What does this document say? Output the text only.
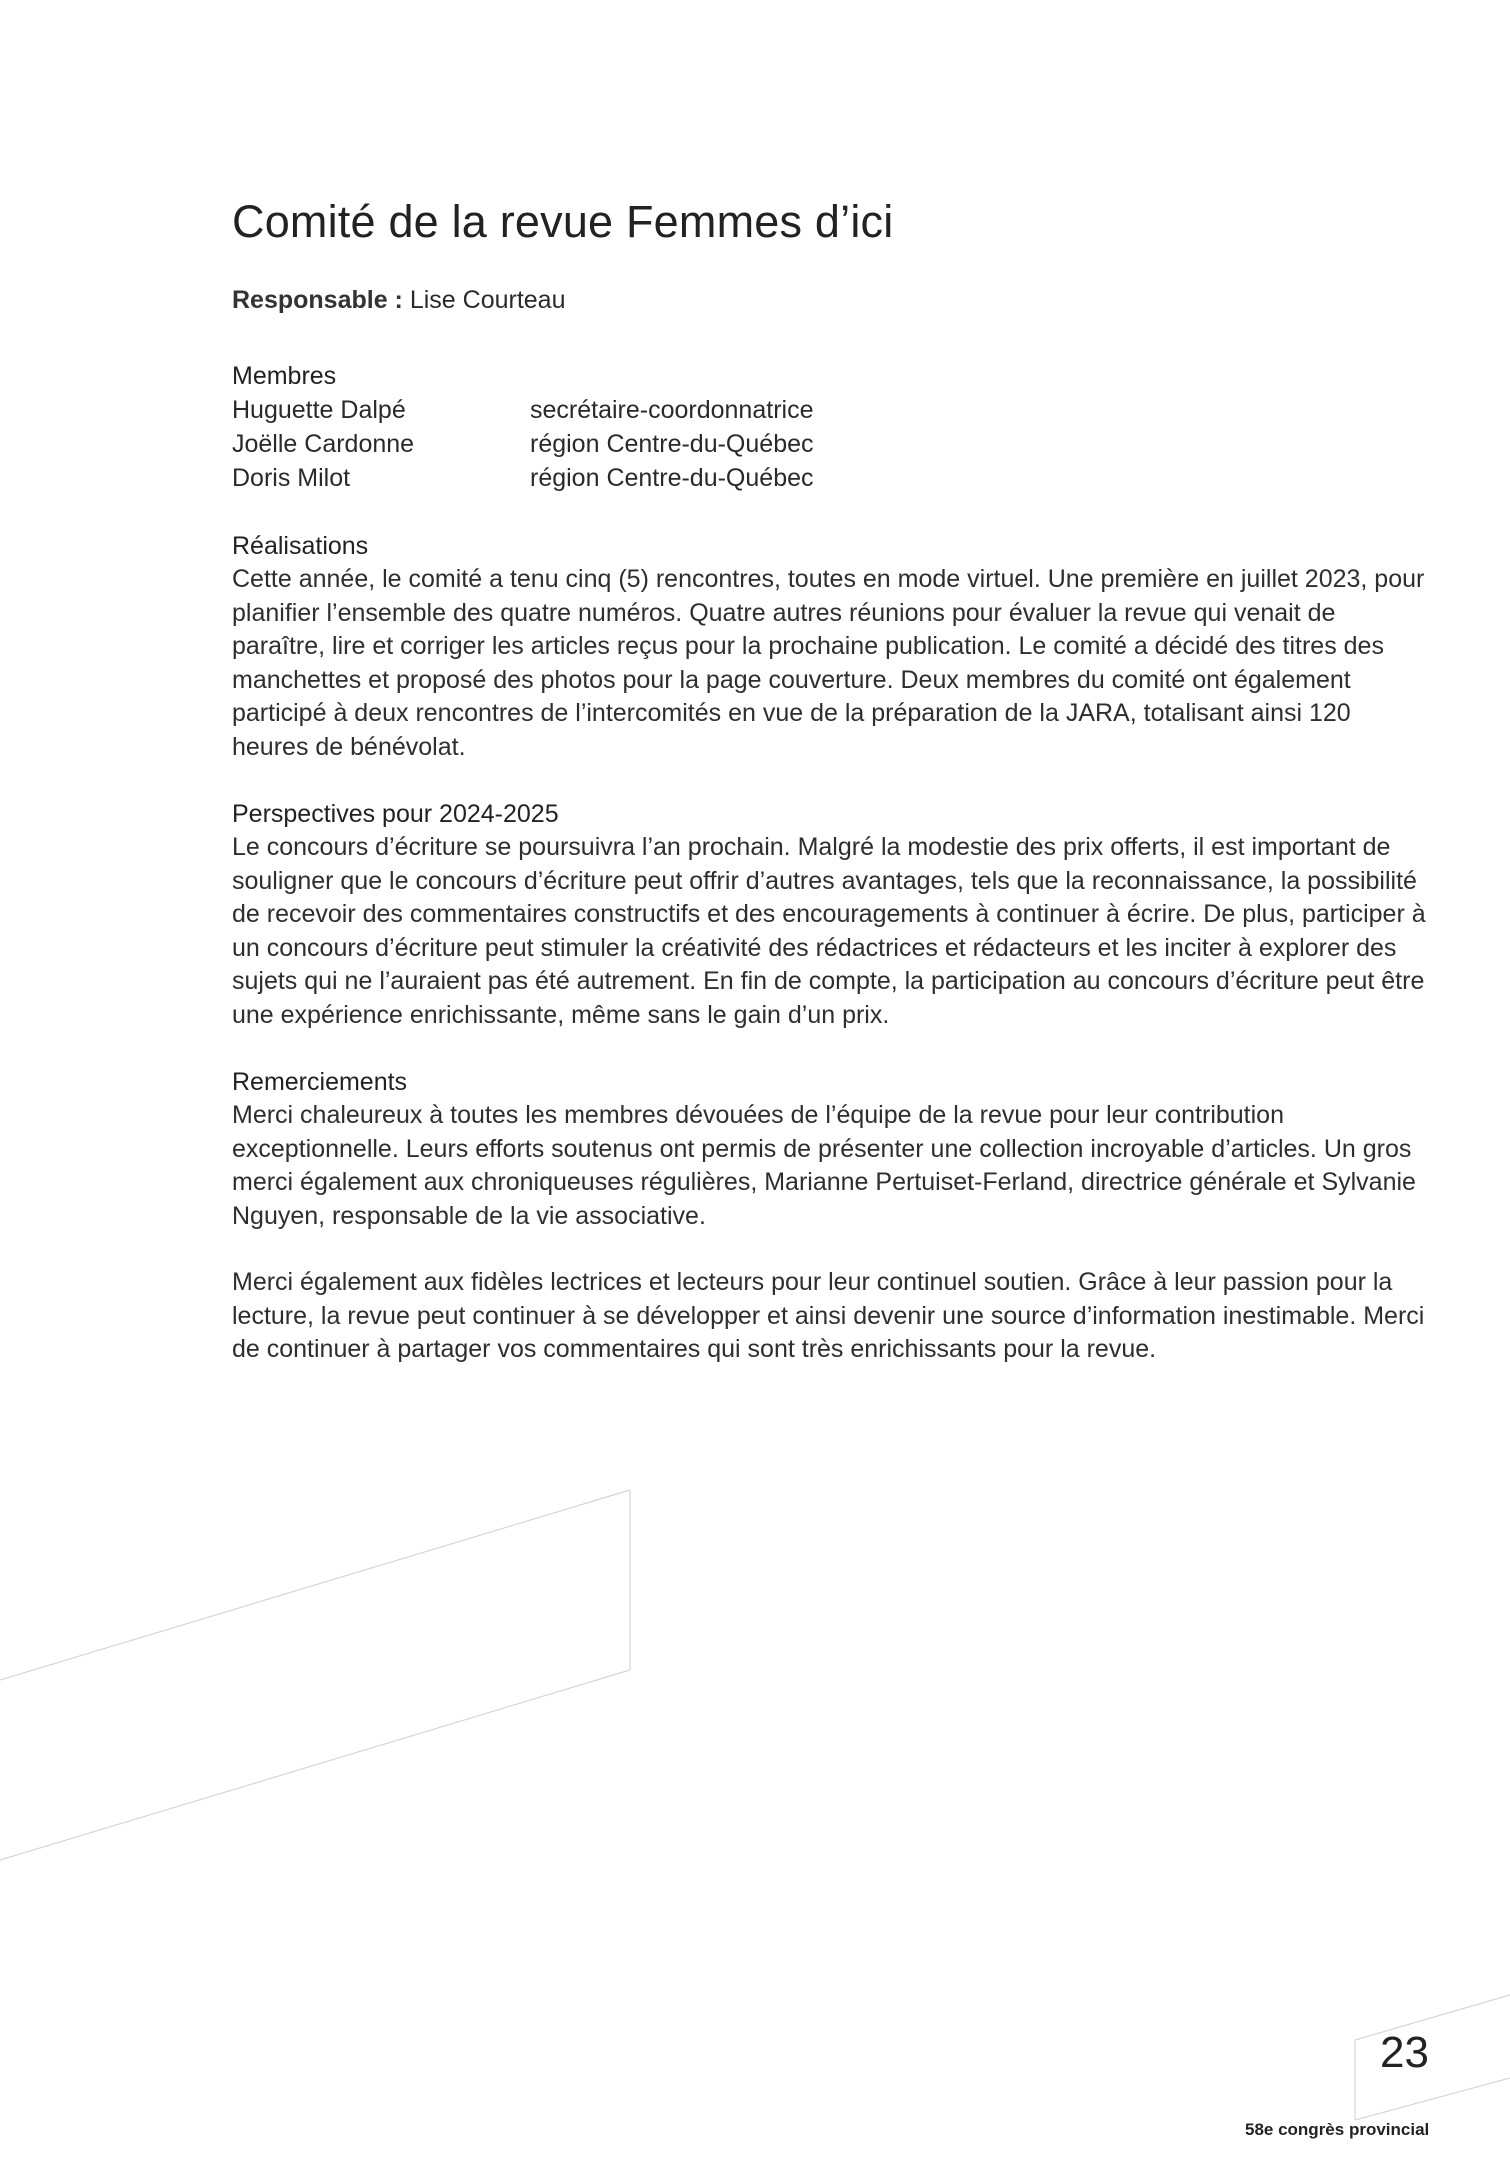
Comité de la revue Femmes d’ici
Responsable : Lise Courteau
Membres
Huguette Dalpé	secrétaire-coordonnatrice
Joëlle Cardonne	région Centre-du-Québec
Doris Milot	région Centre-du-Québec
Réalisations

Cette année, le comité a tenu cinq (5) rencontres, toutes en mode virtuel. Une première en juillet 2023, pour planifier l’ensemble des quatre numéros. Quatre autres réunions pour évaluer la revue qui venait de paraître, lire et corriger les articles reçus pour la prochaine publication. Le comité a décidé des titres des manchettes et proposé des photos pour la page couverture. Deux membres du comité ont également participé à deux rencontres de l’intercomités en vue de la préparation de la JARA, totalisant ainsi 120 heures de bénévolat.

Perspectives pour 2024-2025

Le concours d’écriture se poursuivra l’an prochain. Malgré la modestie des prix offerts, il est important de souligner que le concours d’écriture peut offrir d’autres avantages, tels que la reconnaissance, la possibilité de recevoir des commentaires constructifs et des encouragements à continuer à écrire. De plus, participer à un concours d’écriture peut stimuler la créativité des rédactrices et rédacteurs et les inciter à explorer des sujets qui ne l’auraient pas été autrement. En fin de compte, la participation au concours d’écriture peut être une expérience enrichissante, même sans le gain d’un prix.

Remerciements

Merci chaleureux à toutes les membres dévouées de l’équipe de la revue pour leur contribution exceptionnelle. Leurs efforts soutenus ont permis de présenter une collection incroyable d’articles. Un gros merci également aux chroniqueuses régulières, Marianne Pertuiset-Ferland, directrice générale et Sylvanie Nguyen, responsable de la vie associative.

Merci également aux fidèles lectrices et lecteurs pour leur continuel soutien. Grâce à leur passion pour la lecture, la revue peut continuer à se développer et ainsi devenir une source d’information inestimable. Merci de continuer à partager vos commentaires qui sont très enrichissants pour la revue.

23
58e congrès provincial
